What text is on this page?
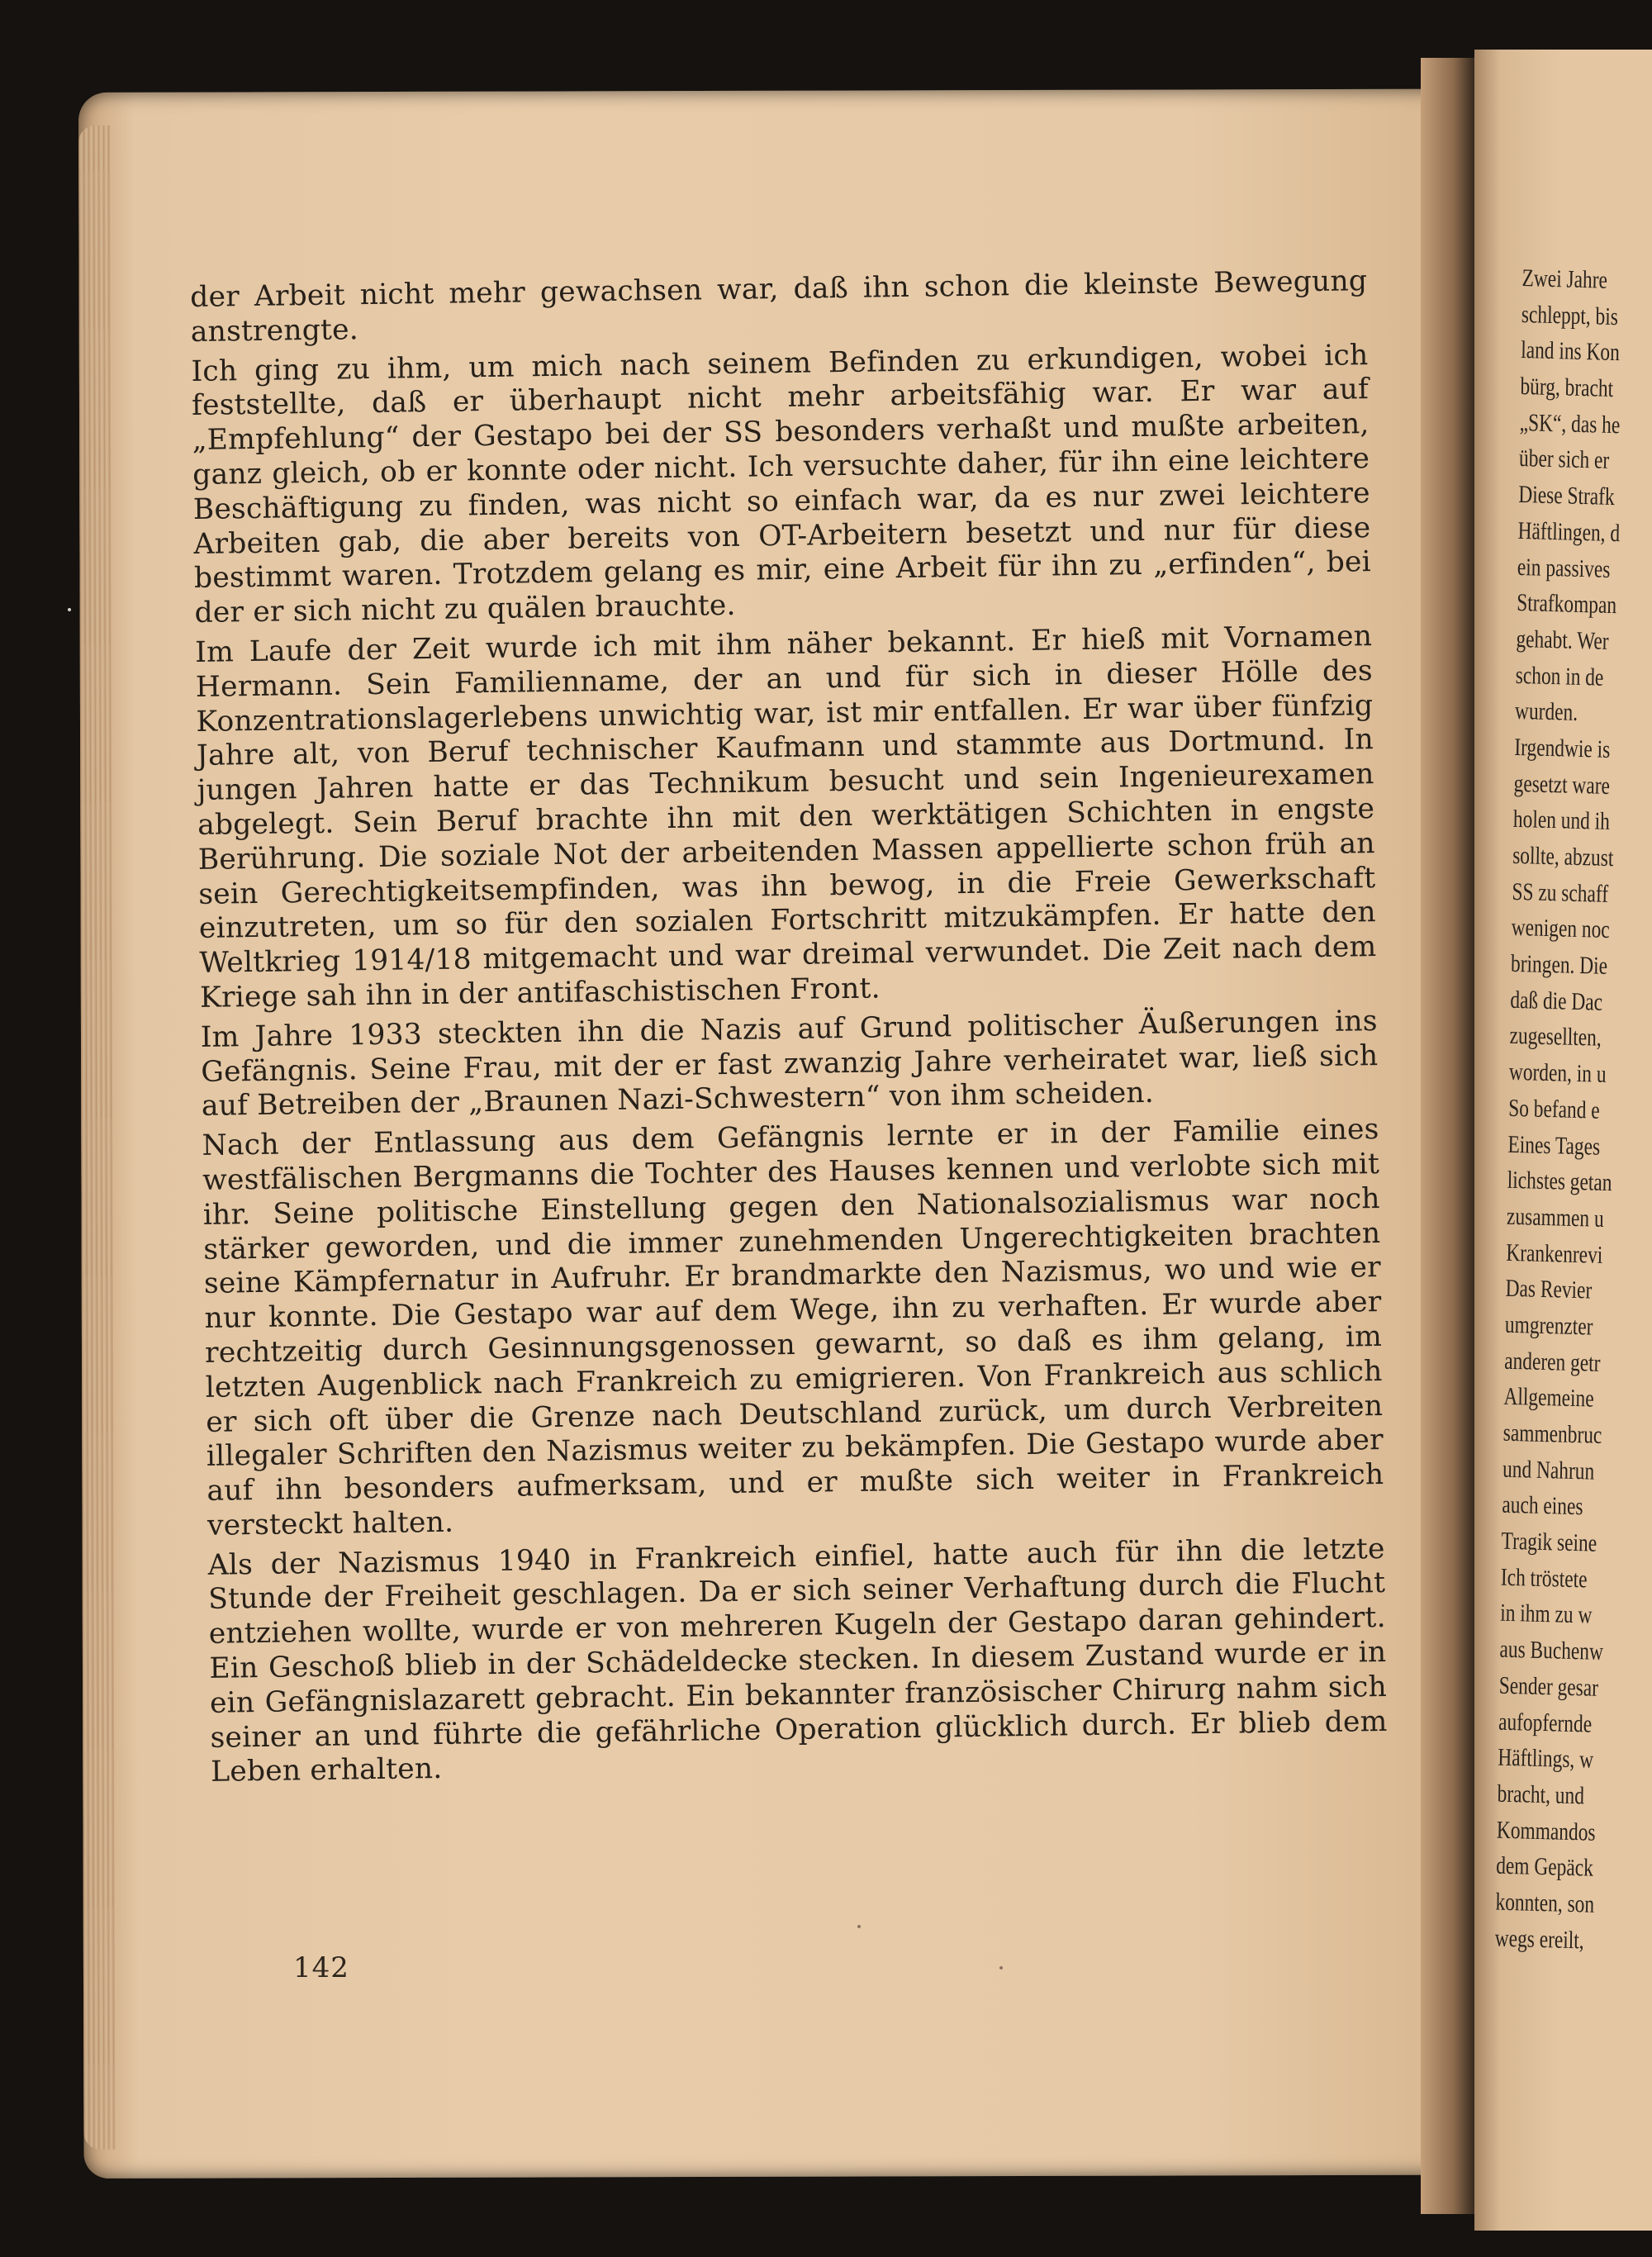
Zwei Jahre
schleppt, bis
land ins Kon
bürg, bracht
„SK“, das he
über sich er
Diese Strafk
Häftlingen, d
ein passives
Strafkompan
gehabt. Wer
schon in de
wurden.
Irgendwie is
gesetzt ware
holen und ih
sollte, abzust
SS zu schaff
wenigen noc
bringen. Die
daß die Dac
zugesellten,
worden, in u
So befand e
Eines Tages
lichstes getan
zusammen u
Krankenrevi
Das Revier
umgrenzter
anderen getr
Allgemeine
sammenbruc
und Nahrun
auch eines
Tragik seine
Ich tröstete
in ihm zu w
aus Buchenw
Sender gesar
aufopfernde
Häftlings, w
bracht, und
Kommandos
dem Gepäck
konnten, son
wegs ereilt,

der Arbeit nicht mehr gewachsen war, daß ihn schon die kleinste Bewegung anstrengte.

Ich ging zu ihm, um mich nach seinem Befinden zu erkundigen, wobei ich feststellte, daß er überhaupt nicht mehr arbeitsfähig war. Er war auf „Empfehlung“ der Gestapo bei der SS besonders verhaßt und mußte arbeiten, ganz gleich, ob er konnte oder nicht. Ich versuchte daher, für ihn eine leichtere Beschäftigung zu finden, was nicht so einfach war, da es nur zwei leichtere Arbeiten gab, die aber bereits von OT-Arbeitern besetzt und nur für diese bestimmt waren. Trotzdem gelang es mir, eine Arbeit für ihn zu „erfinden“, bei der er sich nicht zu quälen brauchte.

Im Laufe der Zeit wurde ich mit ihm näher bekannt. Er hieß mit Vornamen Hermann. Sein Familienname, der an und für sich in dieser Hölle des Konzentrationslagerlebens unwichtig war, ist mir entfallen. Er war über fünfzig Jahre alt, von Beruf technischer Kaufmann und stammte aus Dortmund. In jungen Jahren hatte er das Technikum besucht und sein Ingenieurexamen abgelegt. Sein Beruf brachte ihn mit den werktätigen Schichten in engste Berührung. Die soziale Not der arbeitenden Massen appellierte schon früh an sein Gerechtigkeitsempfinden, was ihn bewog, in die Freie Gewerkschaft einzutreten, um so für den sozialen Fortschritt mitzukämpfen. Er hatte den Weltkrieg 1914/18 mitgemacht und war dreimal verwundet. Die Zeit nach dem Kriege sah ihn in der antifaschistischen Front.

Im Jahre 1933 steckten ihn die Nazis auf Grund politischer Äußerungen ins Gefängnis. Seine Frau, mit der er fast zwanzig Jahre verheiratet war, ließ sich auf Betreiben der „Braunen Nazi-Schwestern“ von ihm scheiden.

Nach der Entlassung aus dem Gefängnis lernte er in der Familie eines westfälischen Bergmanns die Tochter des Hauses kennen und verlobte sich mit ihr. Seine politische Einstellung gegen den Nationalsozialismus war noch stärker geworden, und die immer zunehmenden Ungerechtigkeiten brachten seine Kämpfernatur in Aufruhr. Er brandmarkte den Nazismus, wo und wie er nur konnte. Die Gestapo war auf dem Wege, ihn zu verhaften. Er wurde aber rechtzeitig durch Gesinnungsgenossen gewarnt, so daß es ihm gelang, im letzten Augenblick nach Frankreich zu emigrieren. Von Frankreich aus schlich er sich oft über die Grenze nach Deutschland zurück, um durch Verbreiten illegaler Schriften den Nazismus weiter zu bekämpfen. Die Gestapo wurde aber auf ihn besonders aufmerksam, und er mußte sich weiter in Frankreich versteckt halten.

Als der Nazismus 1940 in Frankreich einfiel, hatte auch für ihn die letzte Stunde der Freiheit geschlagen. Da er sich seiner Verhaftung durch die Flucht entziehen wollte, wurde er von mehreren Kugeln der Gestapo daran gehindert. Ein Geschoß blieb in der Schädeldecke stecken. In diesem Zustand wurde er in ein Gefängnislazarett gebracht. Ein bekannter französischer Chirurg nahm sich seiner an und führte die gefährliche Operation glücklich durch. Er blieb dem Leben erhalten.

142
